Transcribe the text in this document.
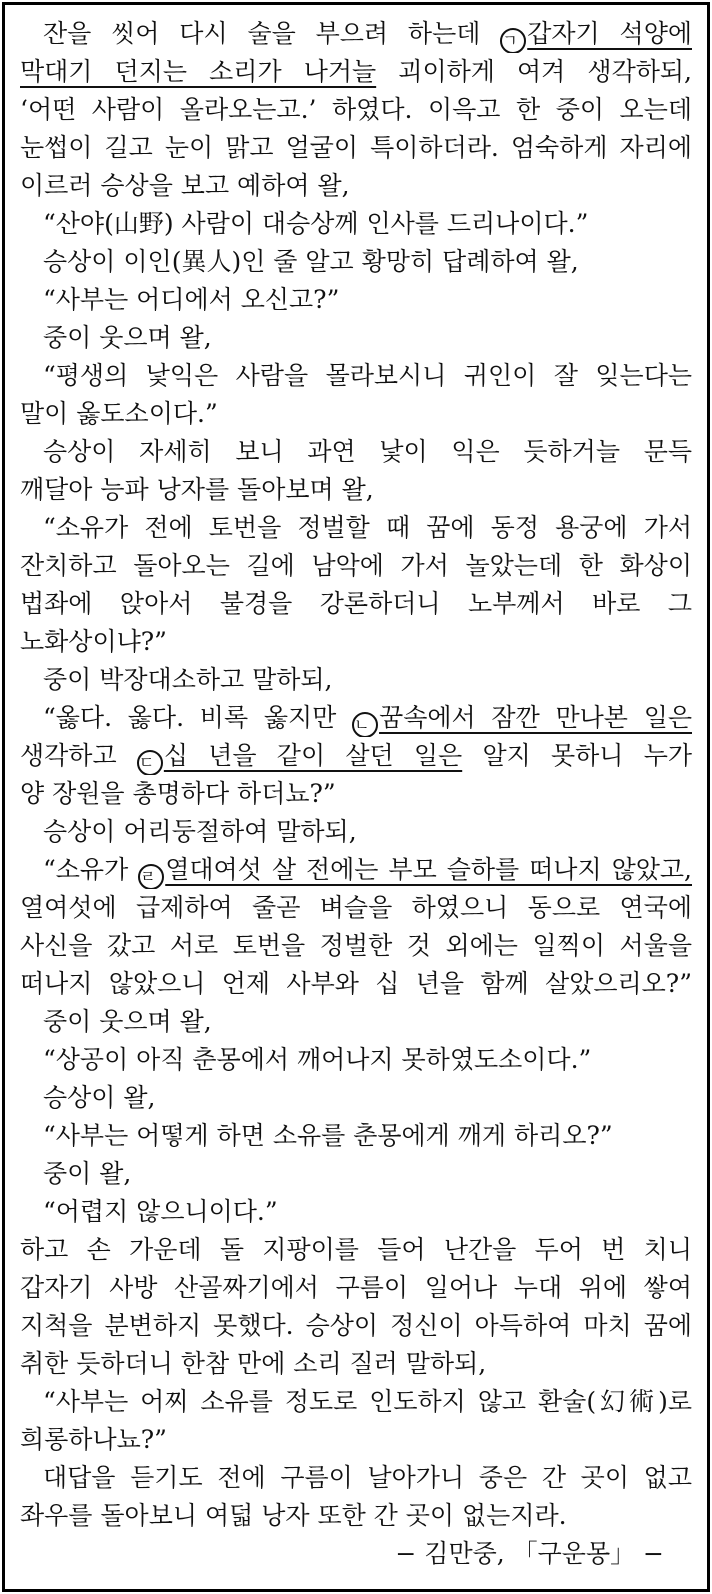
잔을 씻어 다시 술을 부으려 하는데 ㄱ 갑자기 석양에
막대기 던지는 소리가 나거늘 괴이하게 여겨 생각하되,
‘어떤 사람이 올라오는고.’ 하였다. 이윽고 한 중이 오는데
눈썹이 길고 눈이 맑고 얼굴이 특이하더라. 엄숙하게 자리에
이르러 승상을 보고 예하여 왈,
“산야(山野) 사람이 대승상께 인사를 드리나이다.”
승상이 이인(異人)인 줄 알고 황망히 답례하여 왈,
“사부는 어디에서 오신고?”
중이 웃으며 왈,
“평생의 낯익은 사람을 몰라보시니 귀인이 잘 잊는다는
말이 옳도소이다.”
승상이 자세히 보니 과연 낯이 익은 듯하거늘 문득
깨달아 능파 낭자를 돌아보며 왈,
“소유가 전에 토번을 정벌할 때 꿈에 동정 용궁에 가서
잔치하고 돌아오는 길에 남악에 가서 놀았는데 한 화상이
법좌에 앉아서 불경을 강론하더니 노부께서 바로 그
노화상이냐?”
중이 박장대소하고 말하되,
“옳다. 옳다. 비록 옳지만 ㄴ 꿈속에서 잠깐 만나본 일은
생각하고 ㄷ 십 년을 같이 살던 일은 알지 못하니 누가
양 장원을 총명하다 하더뇨?”
승상이 어리둥절하여 말하되,
“소유가 ㄹ 열대여섯 살 전에는 부모 슬하를 떠나지 않았고,
열여섯에 급제하여 줄곧 벼슬을 하였으니 동으로 연국에
사신을 갔고 서로 토번을 정벌한 것 외에는 일찍이 서울을
떠나지 않았으니 언제 사부와 십 년을 함께 살았으리오?”
중이 웃으며 왈,
“상공이 아직 춘몽에서 깨어나지 못하였도소이다.”
승상이 왈,
“사부는 어떻게 하면 소유를 춘몽에게 깨게 하리오?”
중이 왈,
“어렵지 않으니이다.”
하고 손 가운데 돌 지팡이를 들어 난간을 두어 번 치니
갑자기 사방 산골짜기에서 구름이 일어나 누대 위에 쌓여
지척을 분변하지 못했다. 승상이 정신이 아득하여 마치 꿈에
취한 듯하더니 한참 만에 소리 질러 말하되,
“사부는 어찌 소유를 정도로 인도하지 않고 환술(幻術)로
희롱하나뇨?”
대답을 듣기도 전에 구름이 날아가니 중은 간 곳이 없고
좌우를 돌아보니 여덟 낭자 또한 간 곳이 없는지라.
− 김만중, 「구운몽」 −
